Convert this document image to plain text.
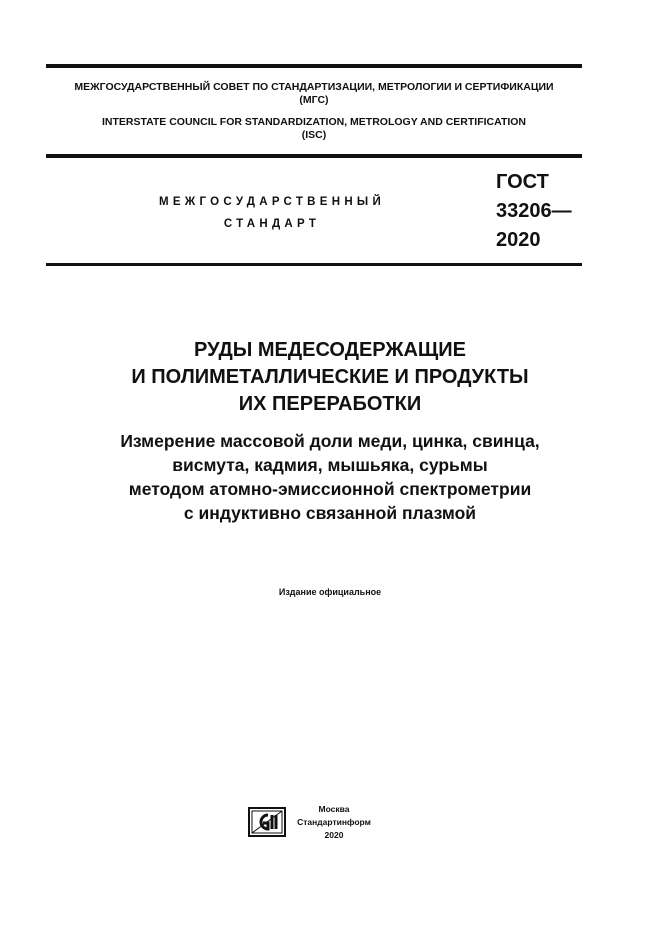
МЕЖГОСУДАРСТВЕННЫЙ СОВЕТ ПО СТАНДАРТИЗАЦИИ, МЕТРОЛОГИИ И СЕРТИФИКАЦИИ
(МГС)
INTERSTATE COUNCIL FOR STANDARDIZATION, METROLOGY AND CERTIFICATION
(ISC)
МЕЖГОСУДАРСТВЕННЫЙ
СТАНДАРТ
ГОСТ
33206—
2020
РУДЫ МЕДЕСОДЕРЖАЩИЕ
И ПОЛИМЕТАЛЛИЧЕСКИЕ И ПРОДУКТЫ
ИХ ПЕРЕРАБОТКИ
Измерение массовой доли меди, цинка, свинца,
висмута, кадмия, мышьяка, сурьмы
методом атомно-эмиссионной спектрометрии
с индуктивно связанной плазмой
Издание официальное
Москва
Стандартинформ
2020
